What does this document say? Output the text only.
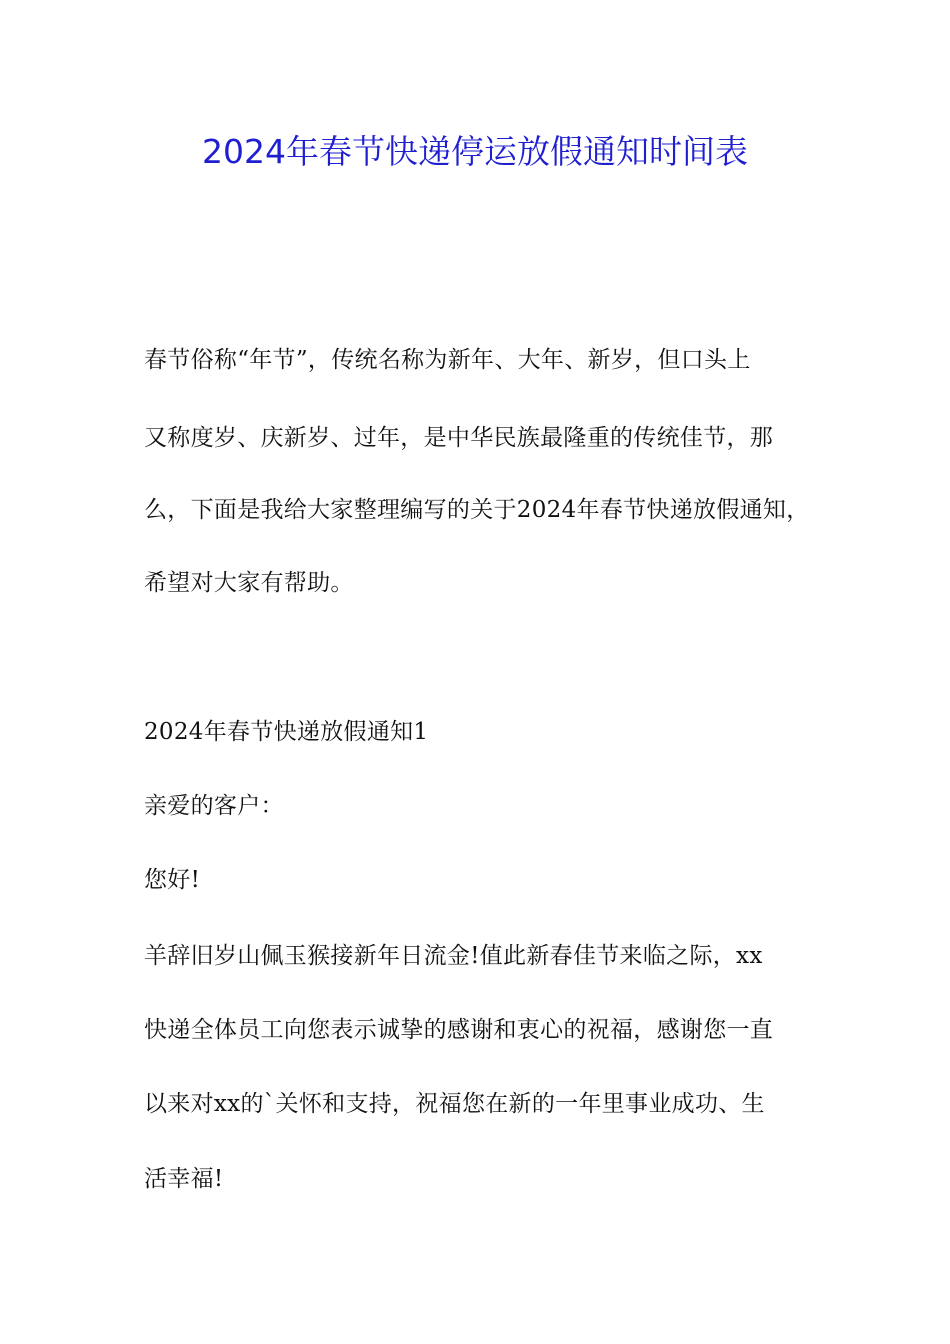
2024年春节快递停运放假通知时间表
春节俗称“年节”，传统名称为新年、大年、新岁，但口头上
又称度岁、庆新岁、过年，是中华民族最隆重的传统佳节，那
么，下面是我给大家整理编写的关于2024年春节快递放假通知，
希望对大家有帮助。
2024年春节快递放假通知1
亲爱的客户：
您好!
羊辞旧岁山佩玉猴接新年日流金!值此新春佳节来临之际，xx
快递全体员工向您表示诚挚的感谢和衷心的祝福，感谢您一直
以来对xx的`关怀和支持，祝福您在新的一年里事业成功、生
活幸福!
